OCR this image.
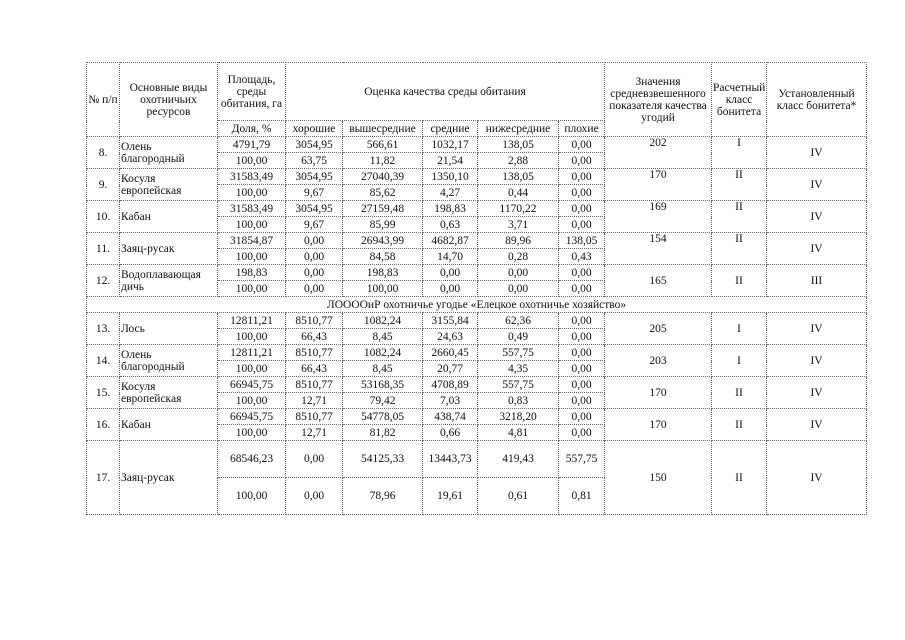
№ п/п	Основные виды охотничьих ресурсов	Площадь, среды обитания, га	Оценка качества среды обитания					Значения средневзвешенного показателя качества угодий	Расчетный класс бонитета	Установленный класс бонитета*
		Доля, %	хорошие	вышесредние	средние	нижесредние	плохие			
8.	Олень благородный	4791,79	3054,95	566,61	1032,17	138,05	0,00	202	I	IV
		100,00	63,75	11,82	21,54	2,88	0,00			
9.	Косуля европейская	31583,49	3054,95	27040,39	1350,10	138,05	0,00	170	II	IV
		100,00	9,67	85,62	4,27	0,44	0,00			
10.	Кабан	31583,49	3054,95	27159,48	198,83	1170,22	0,00	169	II	IV
		100,00	9,67	85,99	0,63	3,71	0,00			
11.	Заяц-русак	31854,87	0,00	26943,99	4682,87	89,96	138,05	154	II	IV
		100,00	0,00	84,58	14,70	0,28	0,43			
12.	Водоплавающая дичь	198,83	0,00	198,83	0,00	0,00	0,00	165	II	III
		100,00	0,00	100,00	0,00	0,00	0,00			
ЛООООиР охотничье угодье «Елецкое охотничье хозяйство»										
13.	Лось	12811,21	8510,77	1082,24	3155,84	62,36	0,00	205	I	IV
		100,00	66,43	8,45	24,63	0,49	0,00			
14.	Олень благородный	12811,21	8510,77	1082,24	2660,45	557,75	0,00	203	I	IV
		100,00	66,43	8,45	20,77	4,35	0,00			
15.	Косуля европейская	66945,75	8510,77	53168,35	4708,89	557,75	0,00	170	II	IV
		100,00	12,71	79,42	7,03	0,83	0,00			
16.	Кабан	66945,75	8510,77	54778,05	438,74	3218,20	0,00	170	II	IV
		100,00	12,71	81,82	0,66	4,81	0,00			
17.	Заяц-русак	68546,23	0,00	54125,33	13443,73	419,43	557,75	150	II	IV
		100,00	0,00	78,96	19,61	0,61	0,81			
